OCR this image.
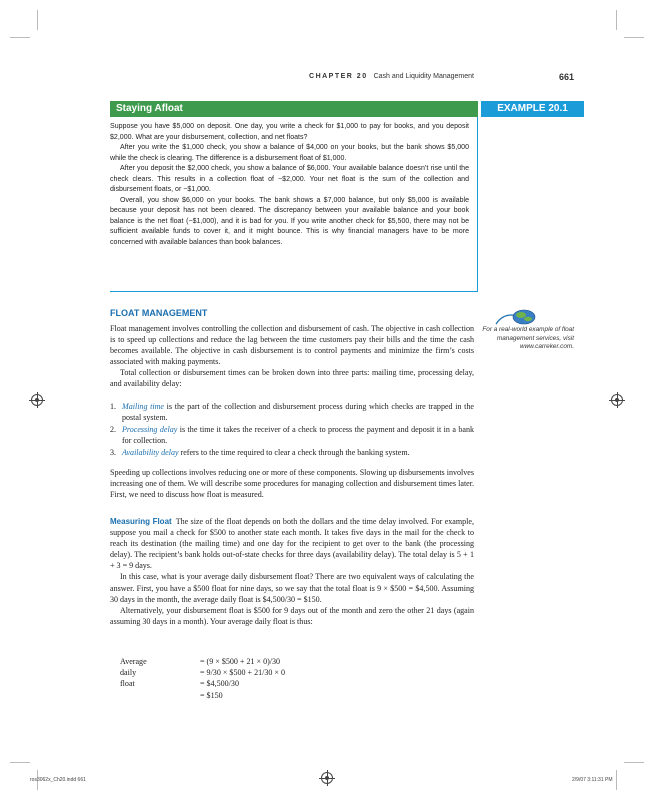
CHAPTER 20 Cash and Liquidity Management	661
Staying Afloat	EXAMPLE 20.1

Suppose you have $5,000 on deposit. One day, you write a check for $1,000 to pay for books, and you deposit $2,000. What are your disbursement, collection, and net floats?

After you write the $1,000 check, you show a balance of $4,000 on your books, but the bank shows $5,000 while the check is clearing. The difference is a disbursement float of $1,000.

After you deposit the $2,000 check, you show a balance of $6,000. Your available balance doesn’t rise until the check clears. This results in a collection float of −$2,000. Your net float is the sum of the collection and disbursement floats, or −$1,000.

Overall, you show $6,000 on your books. The bank shows a $7,000 balance, but only $5,000 is available because your deposit has not been cleared. The discrepancy between your available balance and your book balance is the net float (−$1,000), and it is bad for you. If you write another check for $5,500, there may not be sufficient available funds to cover it, and it might bounce. This is why financial managers have to be more concerned with available balances than book balances.

FLOAT MANAGEMENT
For a real-world example of float management services, visit www.carreker.com.

Float management involves controlling the collection and disbursement of cash. The objective in cash collection is to speed up collections and reduce the lag between the time customers pay their bills and the time the cash becomes available. The objective in cash disbursement is to control payments and minimize the firm’s costs associated with making payments.

Total collection or disbursement times can be broken down into three parts: mailing time, processing delay, and availability delay:

1. Mailing time is the part of the collection and disbursement process during which checks are trapped in the postal system.
2. Processing delay is the time it takes the receiver of a check to process the payment and deposit it in a bank for collection.
3. Availability delay refers to the time required to clear a check through the banking system.

Speeding up collections involves reducing one or more of these components. Slowing up disbursements involves increasing one of them. We will describe some procedures for managing collection and disbursement times later. First, we need to discuss how float is measured.

Measuring Float The size of the float depends on both the dollars and the time delay involved. For example, suppose you mail a check for $500 to another state each month. It takes five days in the mail for the check to reach its destination (the mailing time) and one day for the recipient to get over to the bank (the processing delay). The recipient’s bank holds out-of-state checks for three days (availability delay). The total delay is 5 + 1 + 3 = 9 days.

In this case, what is your average daily disbursement float? There are two equivalent ways of calculating the answer. First, you have a $500 float for nine days, so we say that the total float is 9 × $500 = $4,500. Assuming 30 days in the month, the average daily float is $4,500/30 = $150.

Alternatively, your disbursement float is $500 for 9 days out of the month and zero the other 21 days (again assuming 30 days in a month). Your average daily float is thus:

Average daily float
= (9 × $500 + 21 × 0)/30
= 9/30 × $500 + 21/30 × 0
= $4,500/30
= $150
ros3062x_Ch20.indd 661	2/9/07 3:11:31 PM
